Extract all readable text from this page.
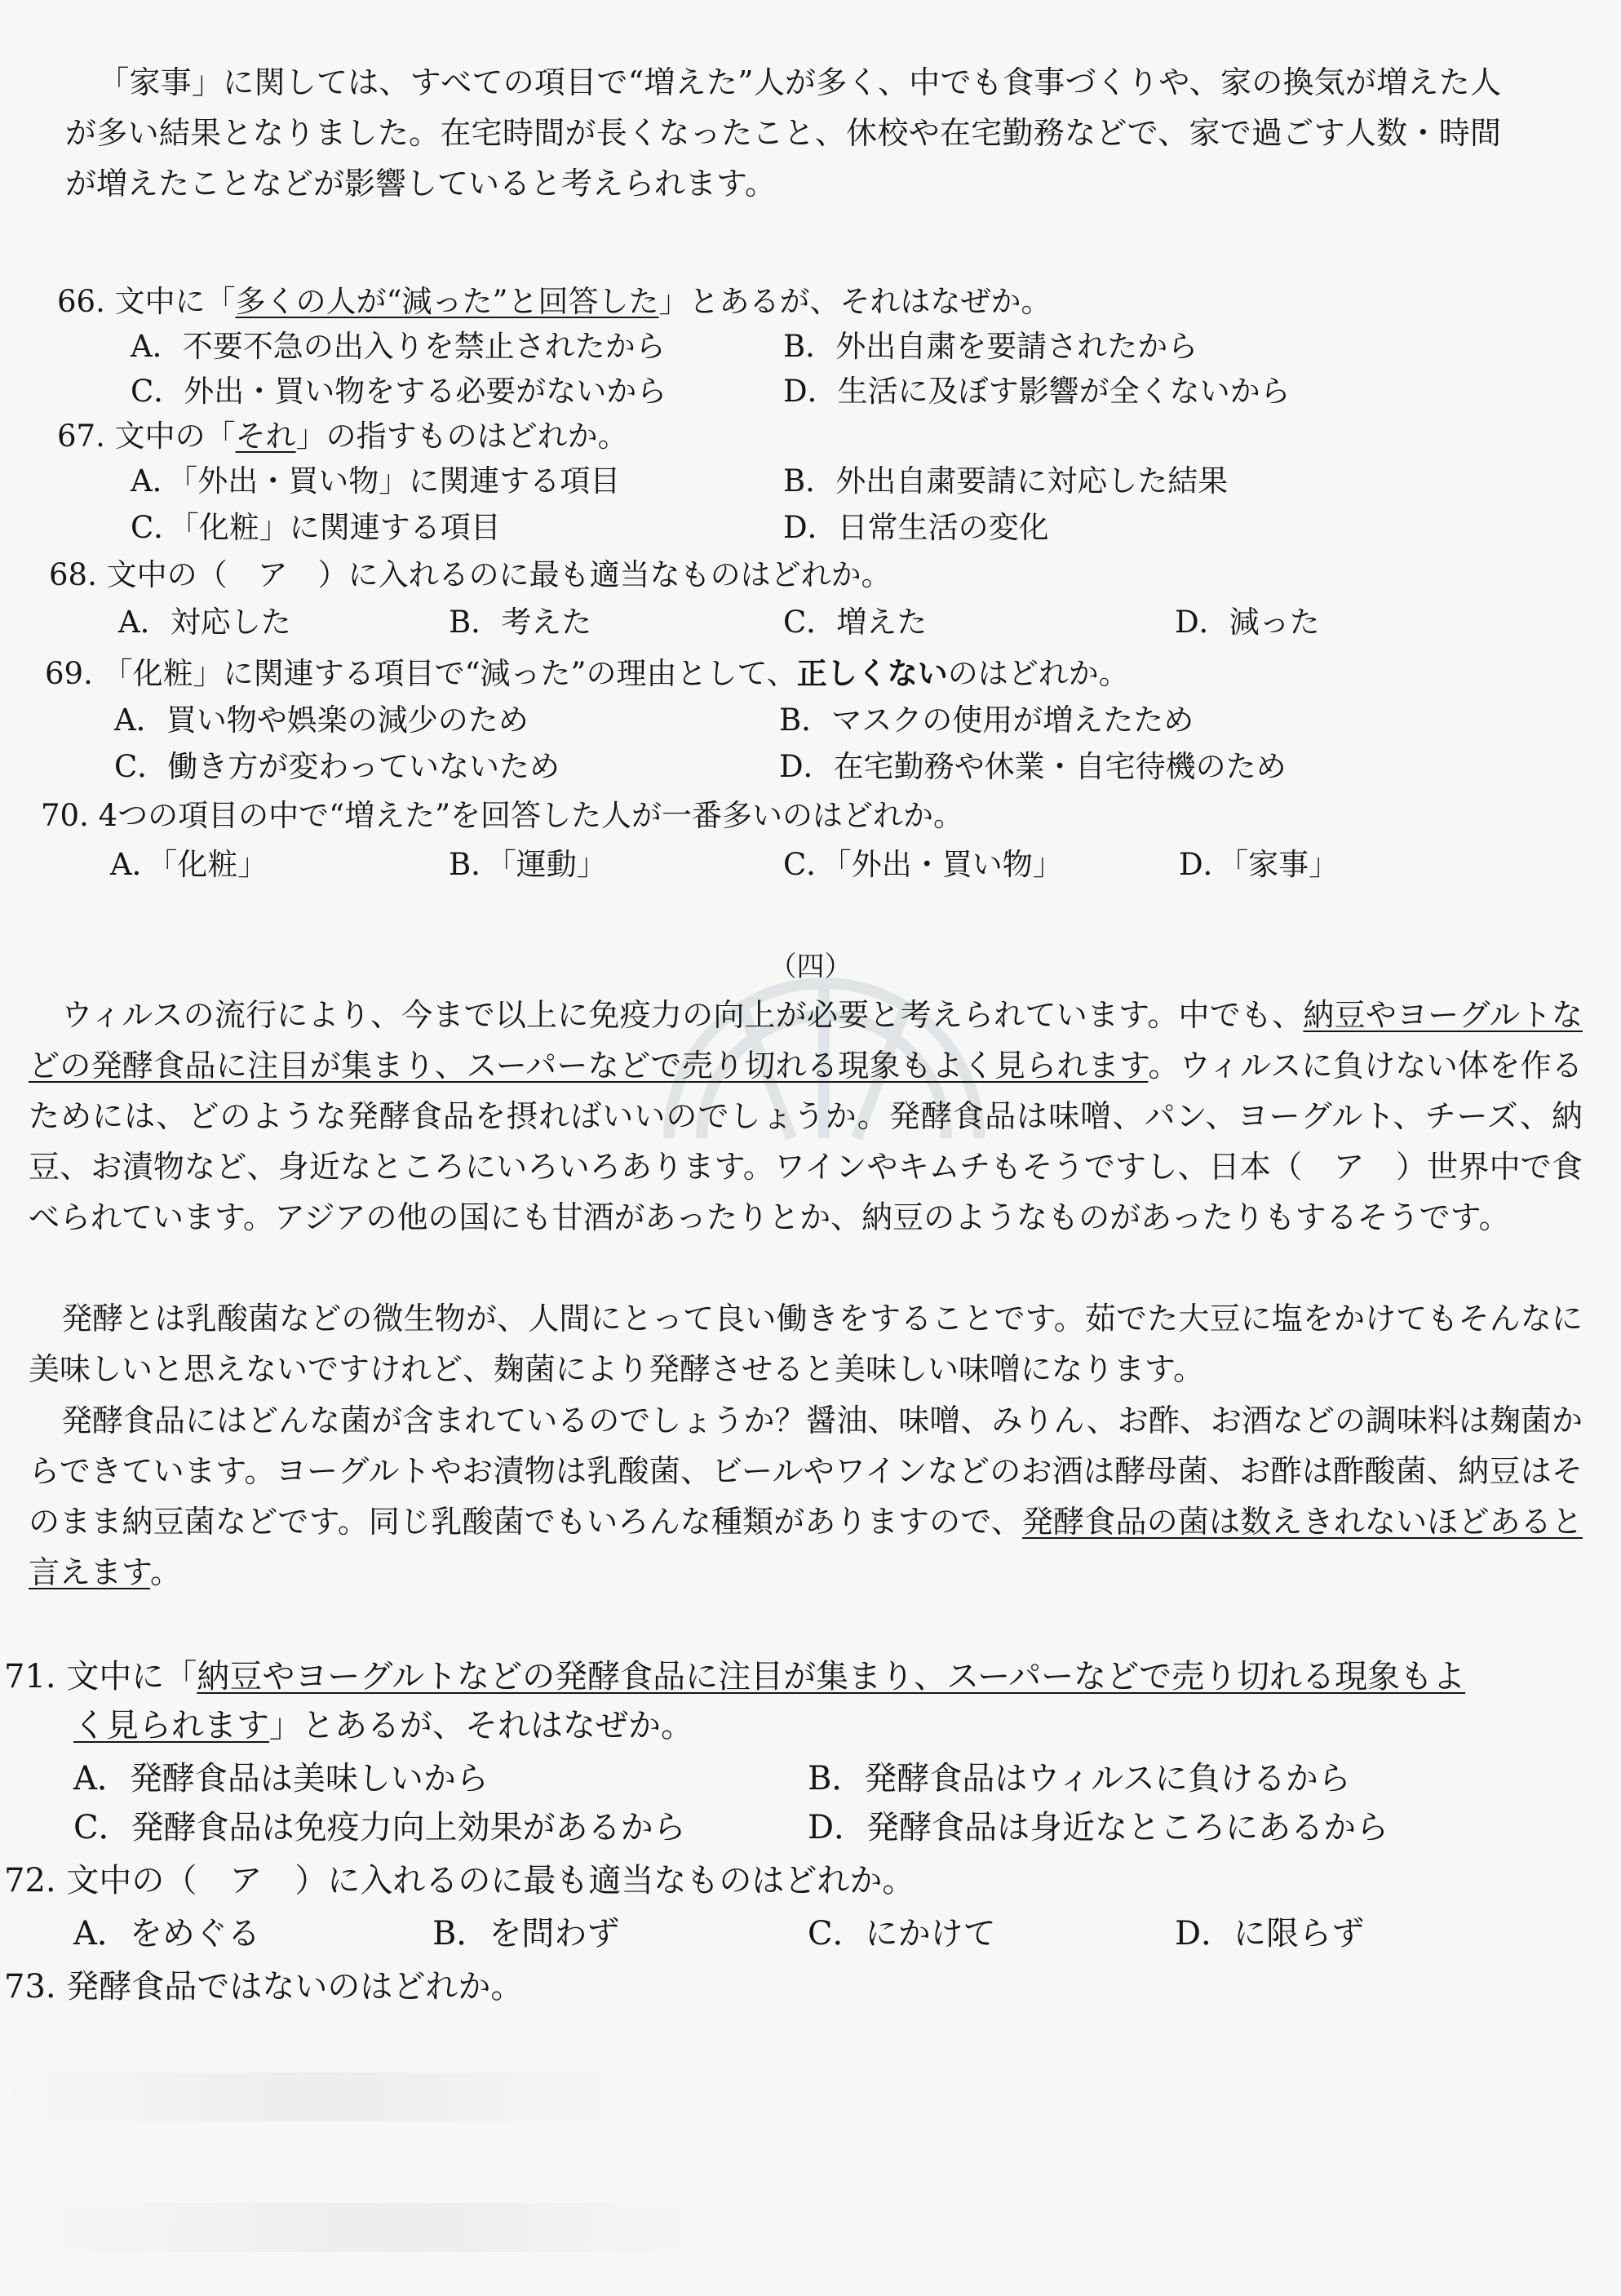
「家事」に関しては、すべての項目で“増えた”人が多く、中でも食事づくりや、家の換気が増えた人が多い結果となりました。在宅時間が長くなったこと、休校や在宅勤務などで、家で過ごす人数・時間が増えたことなどが影響していると考えられます。

66. 文中に「多くの人が“減った”と回答した」とあるが、それはなぜか。
A．不要不急の出入りを禁止されたから	B．外出自粛を要請されたから
C．外出・買い物をする必要がないから	D．生活に及ぼす影響が全くないから
67. 文中の「それ」の指すものはどれか。
A．「外出・買い物」に関連する項目	B．外出自粛要請に対応した結果
C．「化粧」に関連する項目	D．日常生活の変化
68. 文中の（　ア　）に入れるのに最も適当なものはどれか。
A．対応した	B．考えた	C．増えた	D．減った
69. 「化粧」に関連する項目で“減った”の理由として、正しくないのはどれか。
A．買い物や娯楽の減少のため	B．マスクの使用が増えたため
C．働き方が変わっていないため	D．在宅勤務や休業・自宅待機のため
70. 4つの項目の中で“増えた”を回答した人が一番多いのはどれか。
A．「化粧」	B．「運動」	C．「外出・買い物」	D．「家事」
（四）

ウィルスの流行により、今まで以上に免疫力の向上が必要と考えられています。中でも、納豆やヨーグルトなどの発酵食品に注目が集まり、スーパーなどで売り切れる現象もよく見られます。ウィルスに負けない体を作るためには、どのような発酵食品を摂ればいいのでしょうか。発酵食品は味噌、パン、ヨーグルト、チーズ、納豆、お漬物など、身近なところにいろいろあります。ワインやキムチもそうですし、日本（　ア　）世界中で食べられています。アジアの他の国にも甘酒があったりとか、納豆のようなものがあったりもするそうです。

発酵とは乳酸菌などの微生物が、人間にとって良い働きをすることです。茹でた大豆に塩をかけてもそんなに美味しいと思えないですけれど、麹菌により発酵させると美味しい味噌になります。

発酵食品にはどんな菌が含まれているのでしょうか？醤油、味噌、みりん、お酢、お酒などの調味料は麹菌からできています。ヨーグルトやお漬物は乳酸菌、ビールやワインなどのお酒は酵母菌、お酢は酢酸菌、納豆はそのまま納豆菌などです。同じ乳酸菌でもいろんな種類がありますので、発酵食品の菌は数えきれないほどあると言えます。

71. 文中に「納豆やヨーグルトなどの発酵食品に注目が集まり、スーパーなどで売り切れる現象もよ
く見られます」とあるが、それはなぜか。
A．発酵食品は美味しいから	B．発酵食品はウィルスに負けるから
C．発酵食品は免疫力向上効果があるから	D．発酵食品は身近なところにあるから
72. 文中の（　ア　）に入れるのに最も適当なものはどれか。
A．をめぐる	B．を問わず	C．にかけて	D．に限らず
73. 発酵食品ではないのはどれか。
